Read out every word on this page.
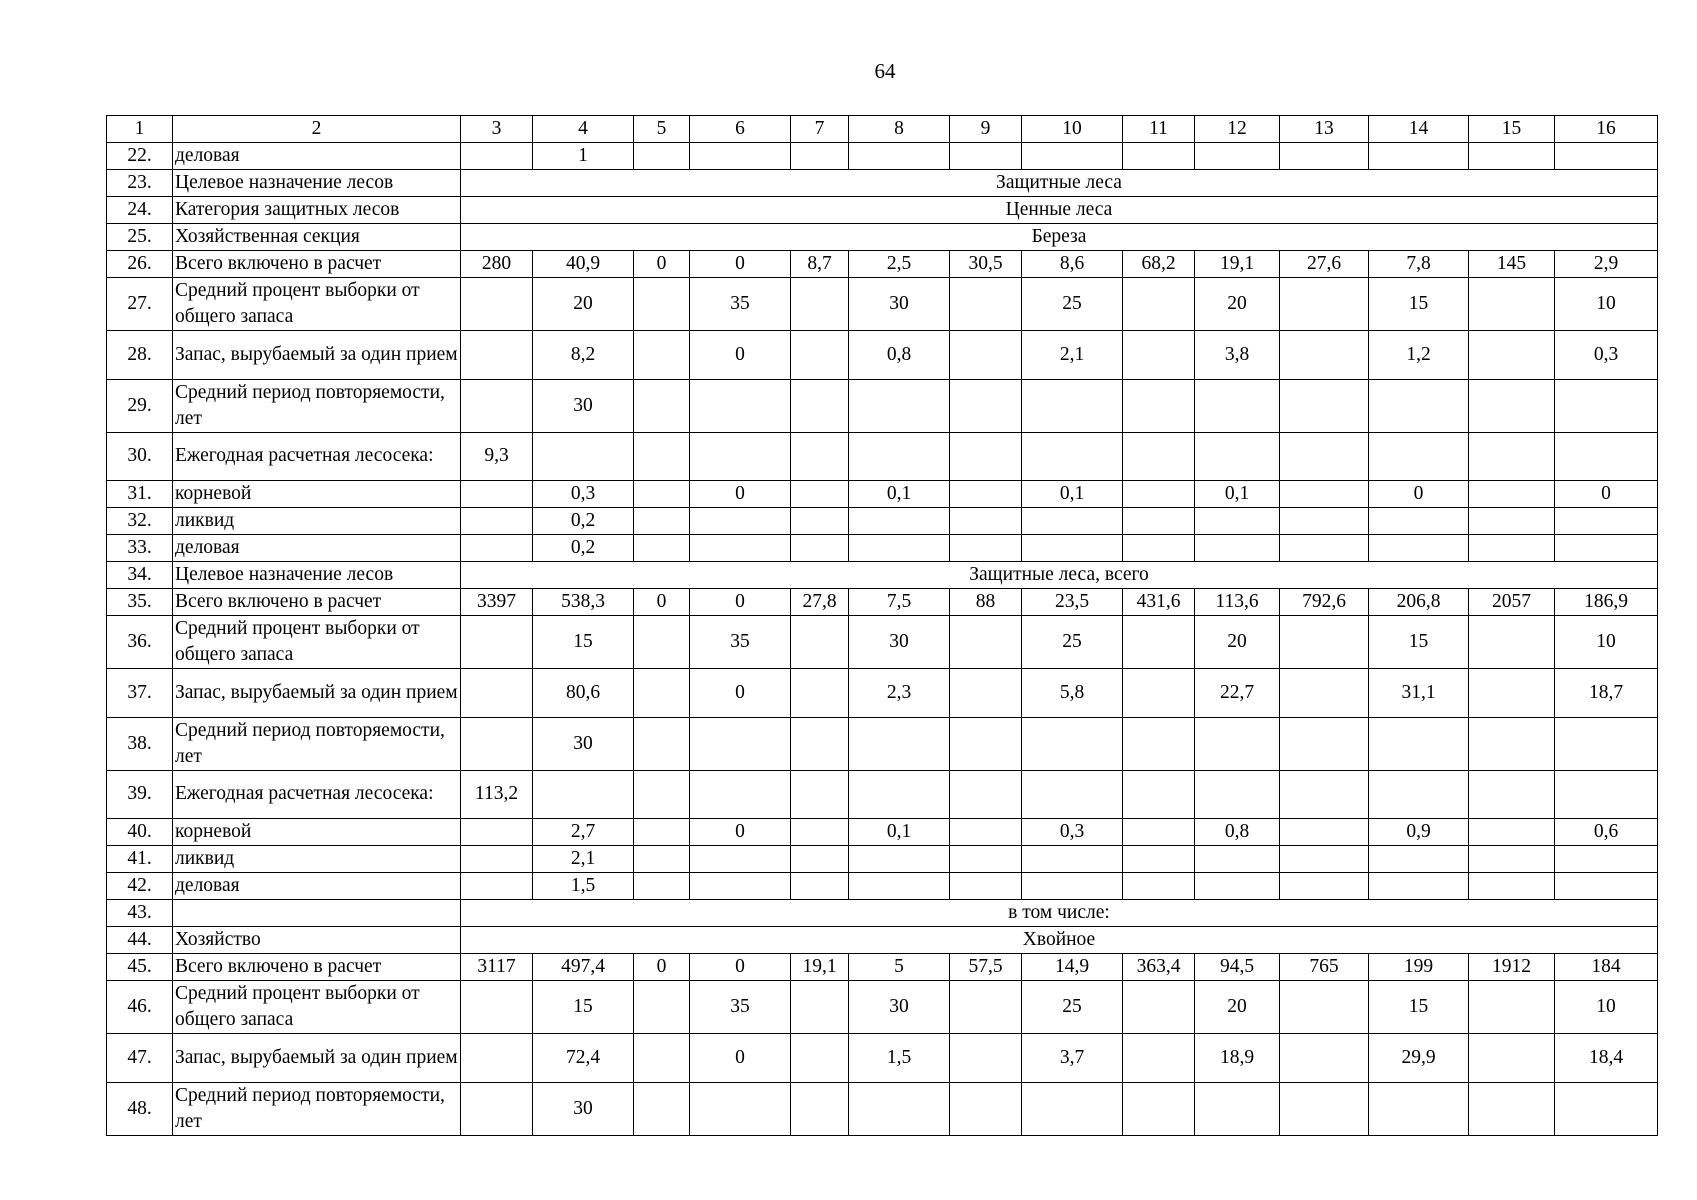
64
1	2	3	4	5	6	7	8	9	10	11	12	13	14	15	16
22.	деловая		1												
23.	Целевое назначение лесов	Защитные леса													
24.	Категория защитных лесов	Ценные леса													
25.	Хозяйственная секция	Береза													
26.	Всего включено в расчет	280	40,9	0	0	8,7	2,5	30,5	8,6	68,2	19,1	27,6	7,8	145	2,9
27.	Средний процент выборки от общего запаса		20		35		30		25		20		15		10
28.	Запас, вырубаемый за один прием		8,2		0		0,8		2,1		3,8		1,2		0,3
29.	Средний период повторяемости, лет		30												
30.	Ежегодная расчетная лесосека:	9,3													
31.	корневой		0,3		0		0,1		0,1		0,1		0		0
32.	ликвид		0,2												
33.	деловая		0,2												
34.	Целевое назначение лесов	Защитные леса, всего													
35.	Всего включено в расчет	3397	538,3	0	0	27,8	7,5	88	23,5	431,6	113,6	792,6	206,8	2057	186,9
36.	Средний процент выборки от общего запаса		15		35		30		25		20		15		10
37.	Запас, вырубаемый за один прием		80,6		0		2,3		5,8		22,7		31,1		18,7
38.	Средний период повторяемости, лет		30												
39.	Ежегодная расчетная лесосека:	113,2													
40.	корневой		2,7		0		0,1		0,3		0,8		0,9		0,6
41.	ликвид		2,1												
42.	деловая		1,5												
43.		в том числе:													
44.	Хозяйство	Хвойное													
45.	Всего включено в расчет	3117	497,4	0	0	19,1	5	57,5	14,9	363,4	94,5	765	199	1912	184
46.	Средний процент выборки от общего запаса		15		35		30		25		20		15		10
47.	Запас, вырубаемый за один прием		72,4		0		1,5		3,7		18,9		29,9		18,4
48.	Средний период повторяемости, лет		30												
